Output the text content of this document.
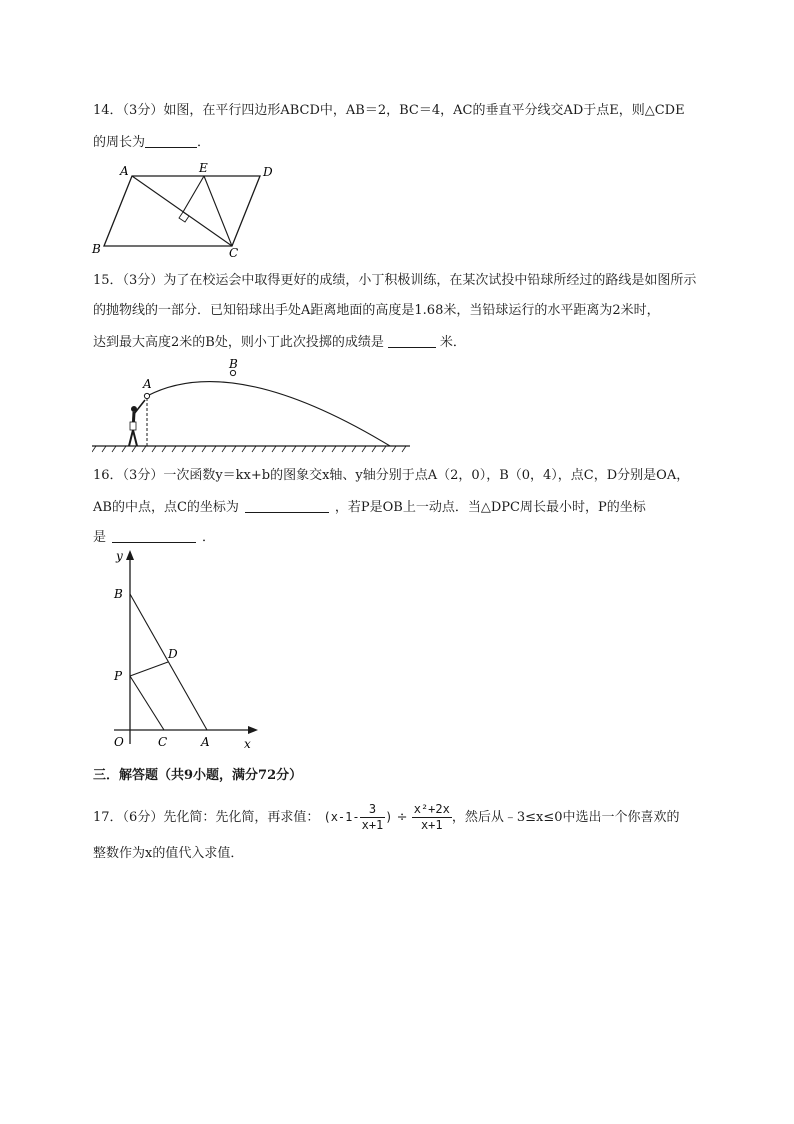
14．（3分）如图，在平行四边形ABCD中，AB＝2，BC＝4，AC的垂直平分线交AD于点E，则△CDE
的周长为	．
A	E	D
B	C
15．（3分）为了在校运会中取得更好的成绩，小丁积极训练，在某次试投中铅球所经过的路线是如图所示
的抛物线的一部分．已知铅球出手处A距离地面的高度是1.68米，当铅球运行的水平距离为2米时，
达到最大高度2米的B处，则小丁此次投掷的成绩是	米．
A
B
16．（3分）一次函数y＝kx+b的图象交x轴、y轴分别于点A（2，0），B（0，4），点C，D分别是OA，
AB的中点，点C的坐标为	，若P是OB上一动点．当△DPC周长最小时，P的坐标
是	．
y
B
D
P
O	C	A	x
三．解答题（共9小题，满分72分）
17．（6分）先化简：先化简，再求值： ($x-1- \frac{3}{x+1}$ ) ÷ $\frac{\text{x²+2x}}{x+1}$ ，然后从﹣3≤x≤0中选出一个你喜欢的
整数作为x的值代入求值．
